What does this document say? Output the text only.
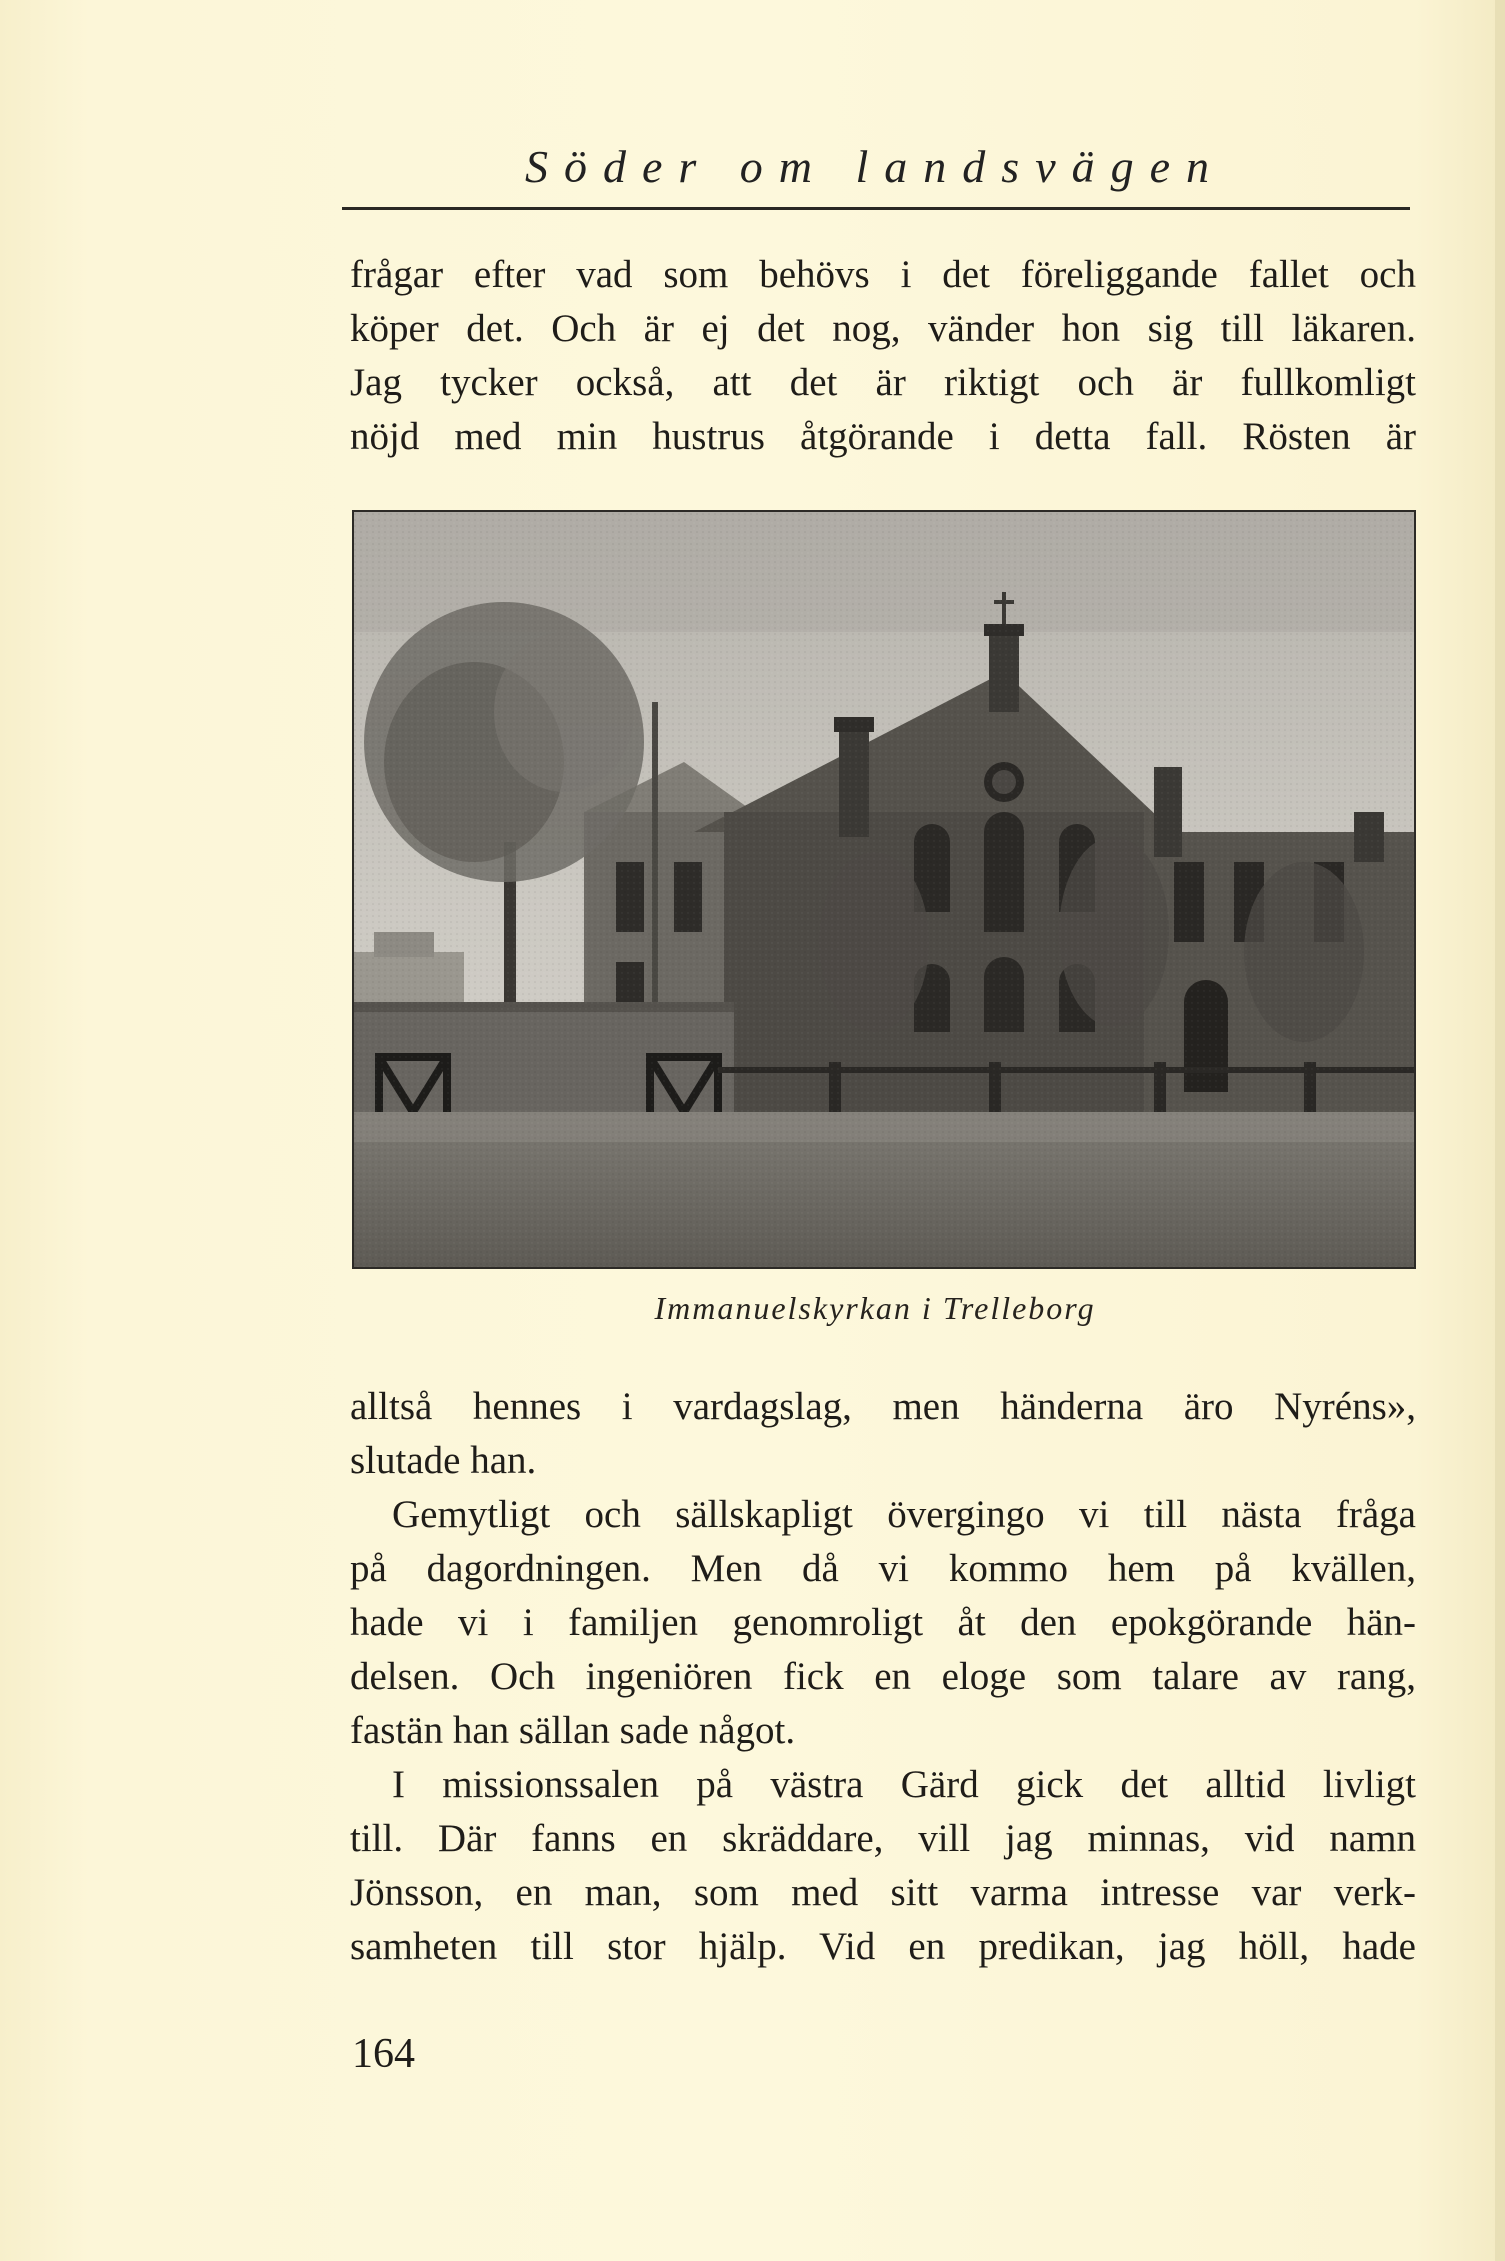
Söder om landsvägen
frågar efter vad som behövs i det föreliggande fallet och
köper det. Och är ej det nog, vänder hon sig till läkaren.
Jag tycker också, att det är riktigt och är fullkomligt
nöjd med min hustrus åtgörande i detta fall. Rösten är
Immanuelskyrkan i Trelleborg
alltså hennes i vardagslag, men händerna äro Nyréns»,
slutade han.
Gemytligt och sällskapligt övergingo vi till nästa fråga
på dagordningen. Men då vi kommo hem på kvällen,
hade vi i familjen genomroligt åt den epokgörande hän-
delsen. Och ingeniören fick en eloge som talare av rang,
fastän han sällan sade något.
I missionssalen på västra Gärd gick det alltid livligt
till. Där fanns en skräddare, vill jag minnas, vid namn
Jönsson, en man, som med sitt varma intresse var verk-
samheten till stor hjälp. Vid en predikan, jag höll, hade
164
